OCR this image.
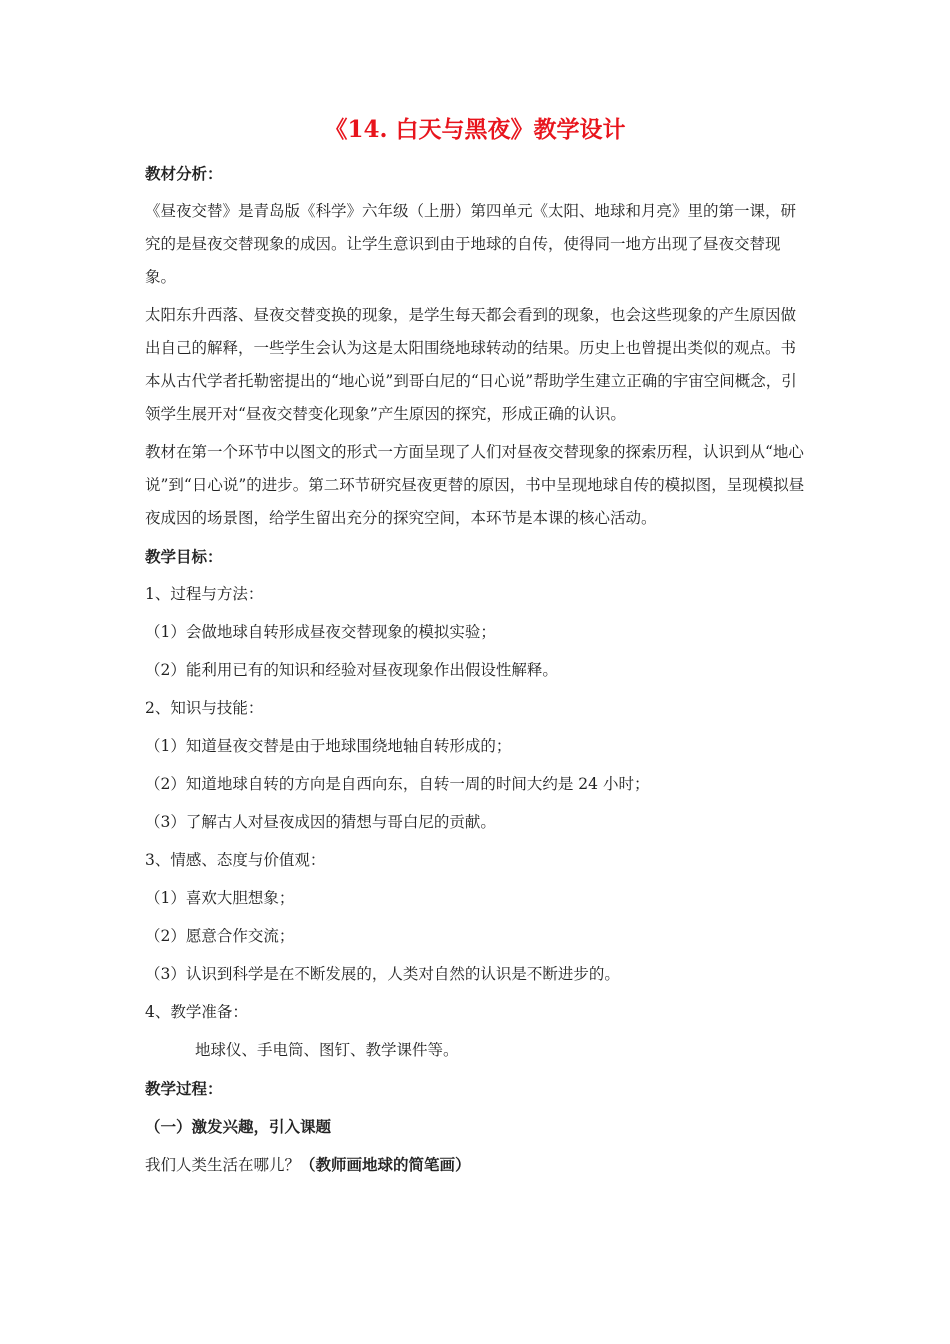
《14. 白天与黑夜》教学设计
教材分析：
《昼夜交替》是青岛版《科学》六年级（上册）第四单元《太阳、地球和月亮》里的第一课，研究的是昼夜交替现象的成因。让学生意识到由于地球的自传，使得同一地方出现了昼夜交替现象。
太阳东升西落、昼夜交替变换的现象，是学生每天都会看到的现象，也会这些现象的产生原因做出自己的解释，一些学生会认为这是太阳围绕地球转动的结果。历史上也曾提出类似的观点。书本从古代学者托勒密提出的“地心说”到哥白尼的“日心说”帮助学生建立正确的宇宙空间概念，引领学生展开对“昼夜交替变化现象”产生原因的探究，形成正确的认识。
教材在第一个环节中以图文的形式一方面呈现了人们对昼夜交替现象的探索历程，认识到从“地心说”到“日心说”的进步。第二环节研究昼夜更替的原因，书中呈现地球自传的模拟图，呈现模拟昼夜成因的场景图，给学生留出充分的探究空间，本环节是本课的核心活动。
教学目标：
1、过程与方法：
（1）会做地球自转形成昼夜交替现象的模拟实验；
（2）能利用已有的知识和经验对昼夜现象作出假设性解释。
2、知识与技能：
（1）知道昼夜交替是由于地球围绕地轴自转形成的；
（2）知道地球自转的方向是自西向东，自转一周的时间大约是 24 小时；
（3）了解古人对昼夜成因的猜想与哥白尼的贡献。
3、情感、态度与价值观：
（1）喜欢大胆想象；
（2）愿意合作交流；
（3）认识到科学是在不断发展的，人类对自然的认识是不断进步的。
4、教学准备：
地球仪、手电筒、图钉、教学课件等。
教学过程：
（一）激发兴趣，引入课题
我们人类生活在哪儿？（教师画地球的简笔画）
